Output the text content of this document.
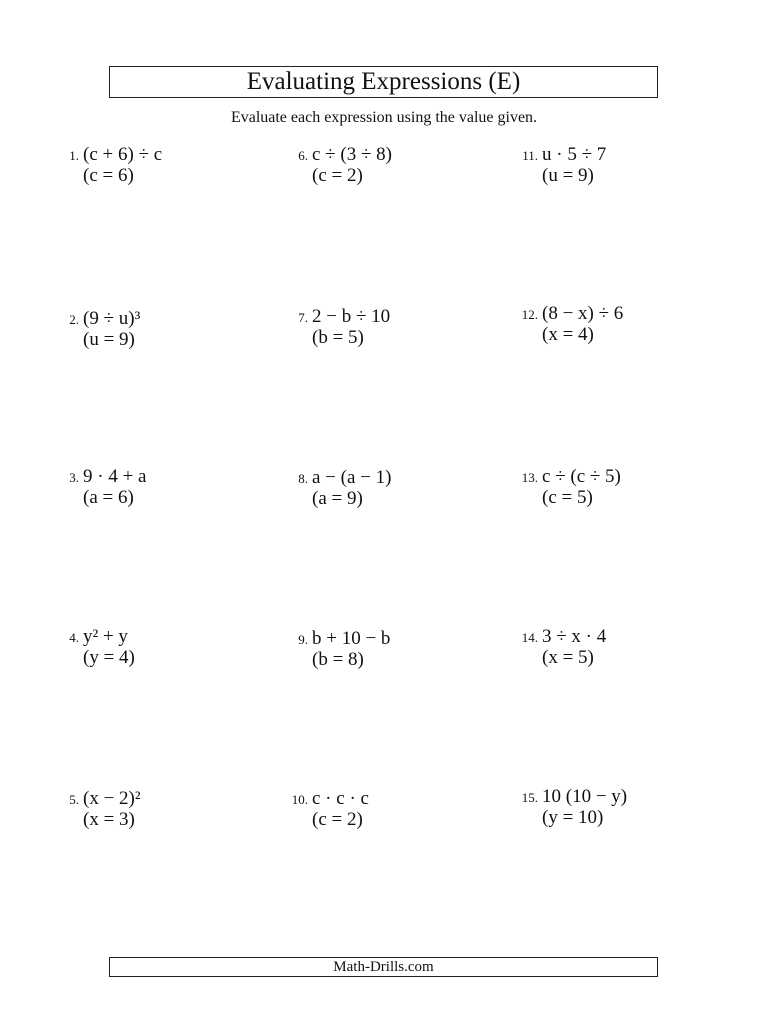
Evaluating Expressions (E)
Evaluate each expression using the value given.
1. (c + 6) ÷ c
(c = 6)
2. (9 ÷ u)³
(u = 9)
3. 9 · 4 + a
(a = 6)
4. y² + y
(y = 4)
5. (x − 2)²
(x = 3)
6. c ÷ (3 ÷ 8)
(c = 2)
7. 2 − b ÷ 10
(b = 5)
8. a − (a − 1)
(a = 9)
9. b + 10 − b
(b = 8)
10. c · c · c
(c = 2)
11. u · 5 ÷ 7
(u = 9)
12. (8 − x) ÷ 6
(x = 4)
13. c ÷ (c ÷ 5)
(c = 5)
14. 3 ÷ x · 4
(x = 5)
15. 10 (10 − y)
(y = 10)
Math-Drills.com
